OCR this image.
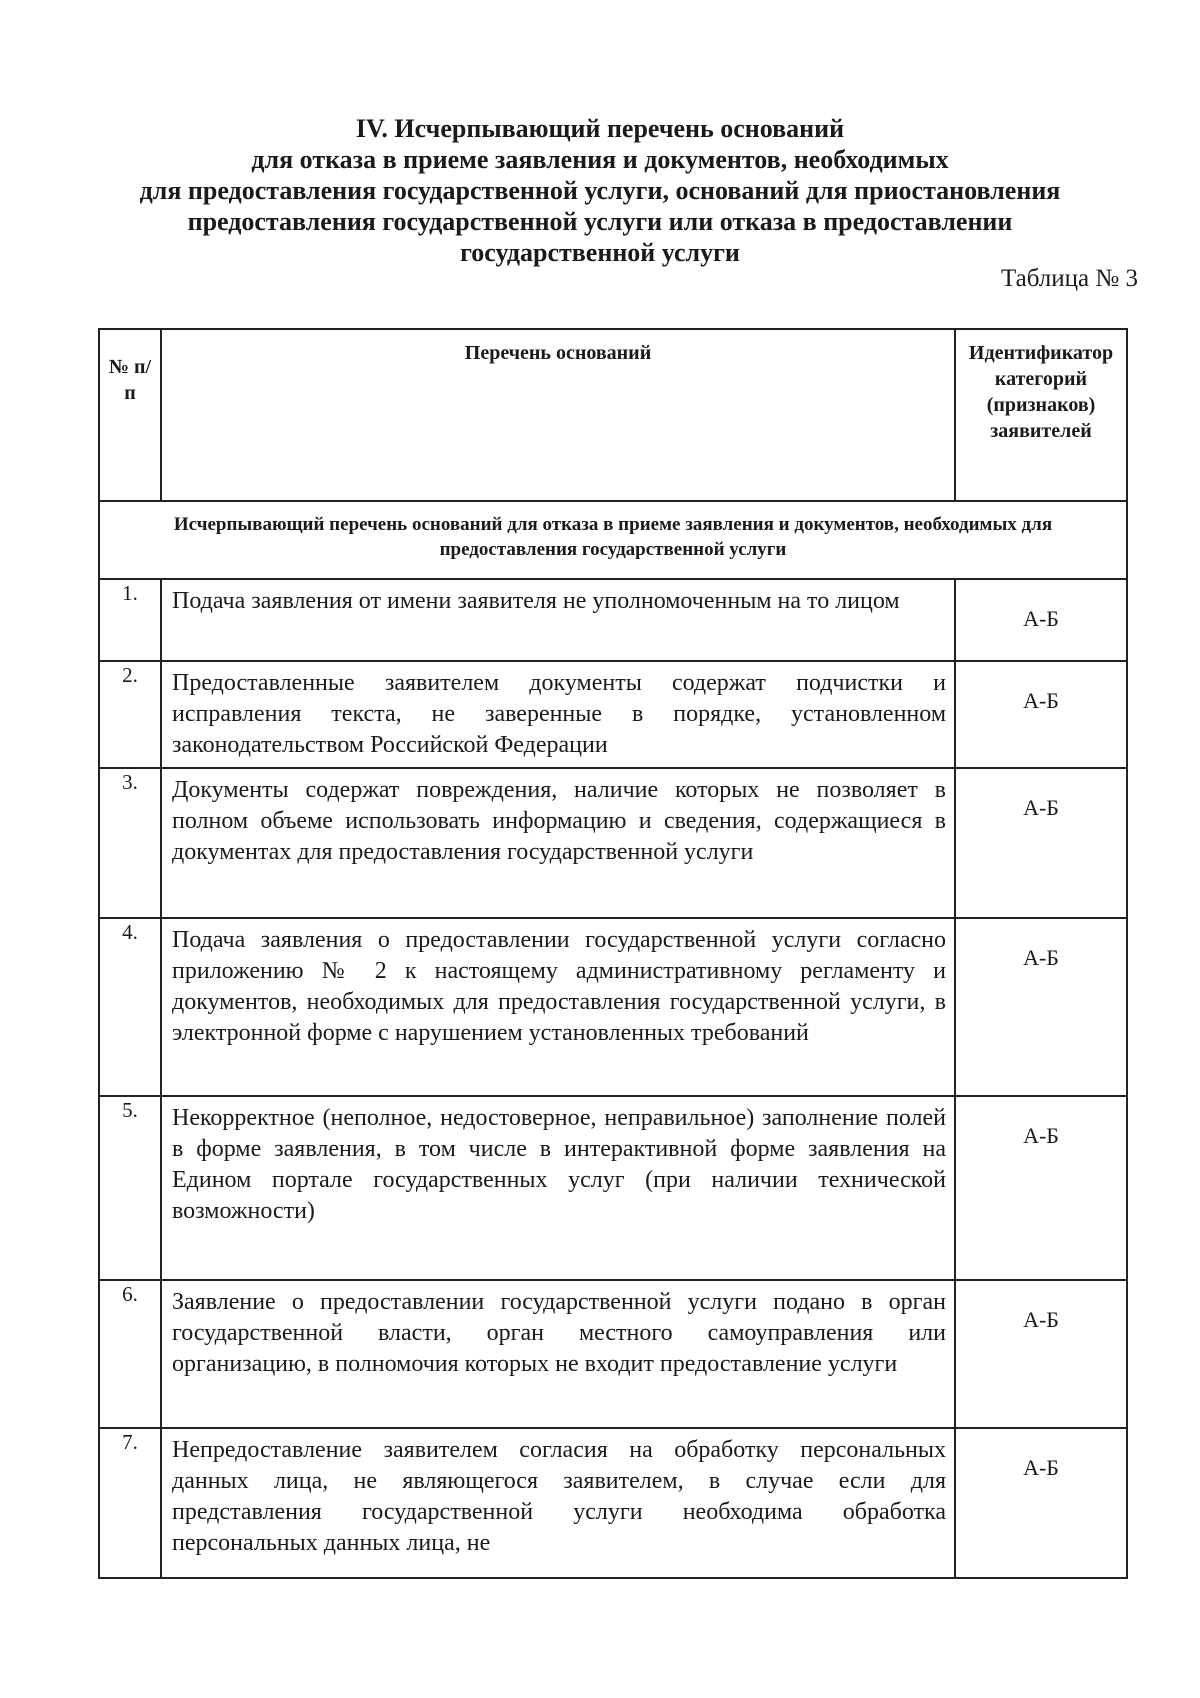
IV. Исчерпывающий перечень оснований
для отказа в приеме заявления и документов, необходимых
для предоставления государственной услуги, оснований для приостановления
предоставления государственной услуги или отказа в предоставлении
государственной услуги
Таблица № 3
№ п/п	Перечень оснований	Идентификатор категорий (признаков) заявителей
Исчерпывающий перечень оснований для отказа в приеме заявления и документов, необходимых для предоставления государственной услуги		
1.	Подача заявления от имени заявителя не уполномоченным на то лицом	А-Б
2.	Предоставленные заявителем документы содержат подчистки и исправления текста, не заверенные в порядке, установленном законодательством Российской Федерации	А-Б
3.	Документы содержат повреждения, наличие которых не позволяет в полном объеме использовать информацию и сведения, содержащиеся в документах для предоставления государственной услуги	А-Б
4.	Подача заявления о предоставлении государственной услуги согласно приложению № 2 к настоящему административному регламенту и документов, необходимых для предоставления государственной услуги, в электронной форме с нарушением установленных требований	А-Б
5.	Некорректное (неполное, недостоверное, неправильное) заполнение полей в форме заявления, в том числе в интерактивной форме заявления на Едином портале государственных услуг (при наличии технической возможности)	А-Б
6.	Заявление о предоставлении государственной услуги подано в орган государственной власти, орган местного самоуправления или организацию, в полномочия которых не входит предоставление услуги	А-Б
7.	Непредоставление заявителем согласия на обработку персональных данных лица, не являющегося заявителем, в случае если для представления государственной услуги необходима обработка персональных данных лица, не	А-Б
